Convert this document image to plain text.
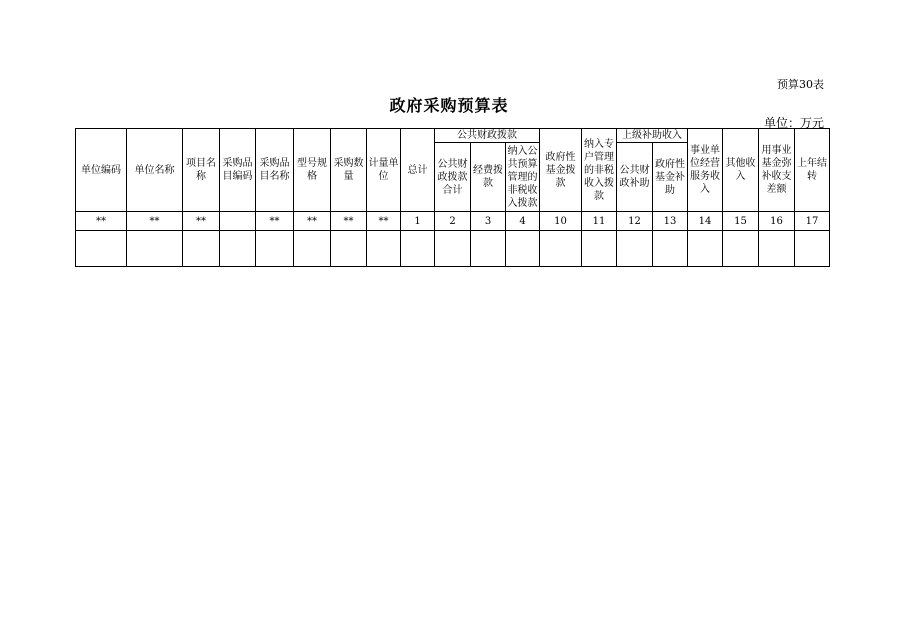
预算30表
政府采购预算表
单位：万元
单位编码	单位名称	项目名称	采购品目编码	采购品目名称	型号规格	采购数量	计量单位	总计	公共财政拨款			政府性基金拨款	纳入专户管理的非税收入拨款	上级补助收入		事业单位经营服务收入	其他收入	用事业基金弥补收支差额	上年结转
									公共财政拨款合计	经费拨款	纳入公共预算管理的非税收入拨款			公共财政补助	政府性基金补助				
**	**	**		**	**	**	**	1	2	3	4	10	11	12	13	14	15	16	17
